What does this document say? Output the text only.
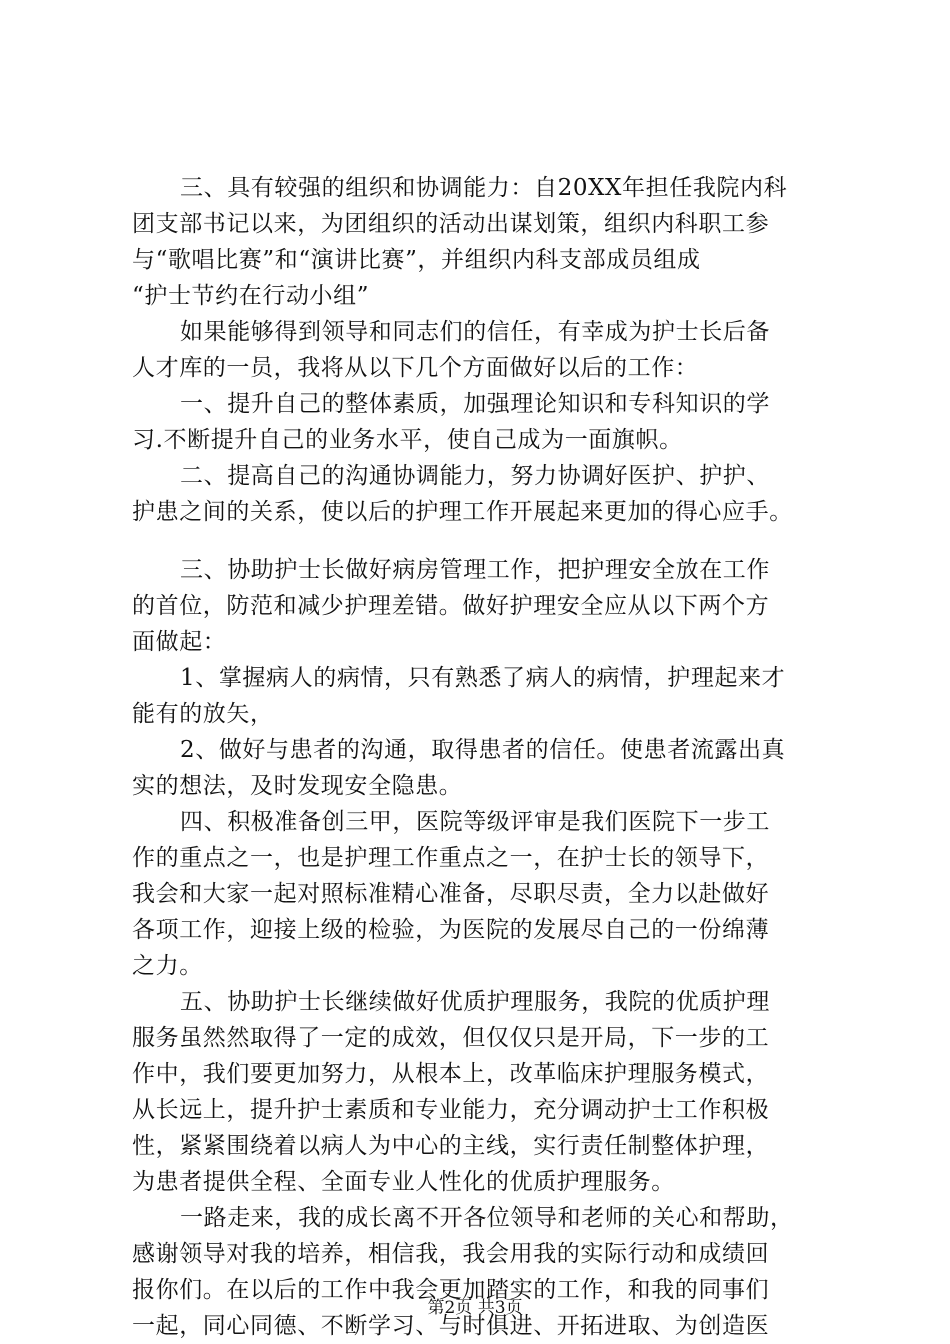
三、具有较强的组织和协调能力：自20XX年担任我院内科
团支部书记以来，为团组织的活动出谋划策，组织内科职工参
与“歌唱比赛”和“演讲比赛”，并组织内科支部成员组成
“护士节约在行动小组”
如果能够得到领导和同志们的信任，有幸成为护士长后备
人才库的一员，我将从以下几个方面做好以后的工作：
一、提升自己的整体素质，加强理论知识和专科知识的学
习.不断提升自己的业务水平，使自己成为一面旗帜。
二、提高自己的沟通协调能力，努力协调好医护、护护、
护患之间的关系，使以后的护理工作开展起来更加的得心应手。
三、协助护士长做好病房管理工作，把护理安全放在工作
的首位，防范和减少护理差错。做好护理安全应从以下两个方
面做起：
1、掌握病人的病情，只有熟悉了病人的病情，护理起来才
能有的放矢，
2、做好与患者的沟通，取得患者的信任。使患者流露出真
实的想法，及时发现安全隐患。
四、积极准备创三甲，医院等级评审是我们医院下一步工
作的重点之一，也是护理工作重点之一，在护士长的领导下，
我会和大家一起对照标准精心准备，尽职尽责，全力以赴做好
各项工作，迎接上级的检验，为医院的发展尽自己的一份绵薄
之力。
五、协助护士长继续做好优质护理服务，我院的优质护理
服务虽然然取得了一定的成效，但仅仅只是开局，下一步的工
作中，我们要更加努力，从根本上，改革临床护理服务模式，
从长远上，提升护士素质和专业能力，充分调动护士工作积极
性，紧紧围绕着以病人为中心的主线，实行责任制整体护理，
为患者提供全程、全面专业人性化的优质护理服务。
一路走来，我的成长离不开各位领导和老师的关心和帮助，
感谢领导对我的培养，相信我，我会用我的实际行动和成绩回
报你们。在以后的工作中我会更加踏实的工作，和我的同事们
一起，同心同德、不断学习、与时俱进、开拓进取、为创造医
第2页 共3页
